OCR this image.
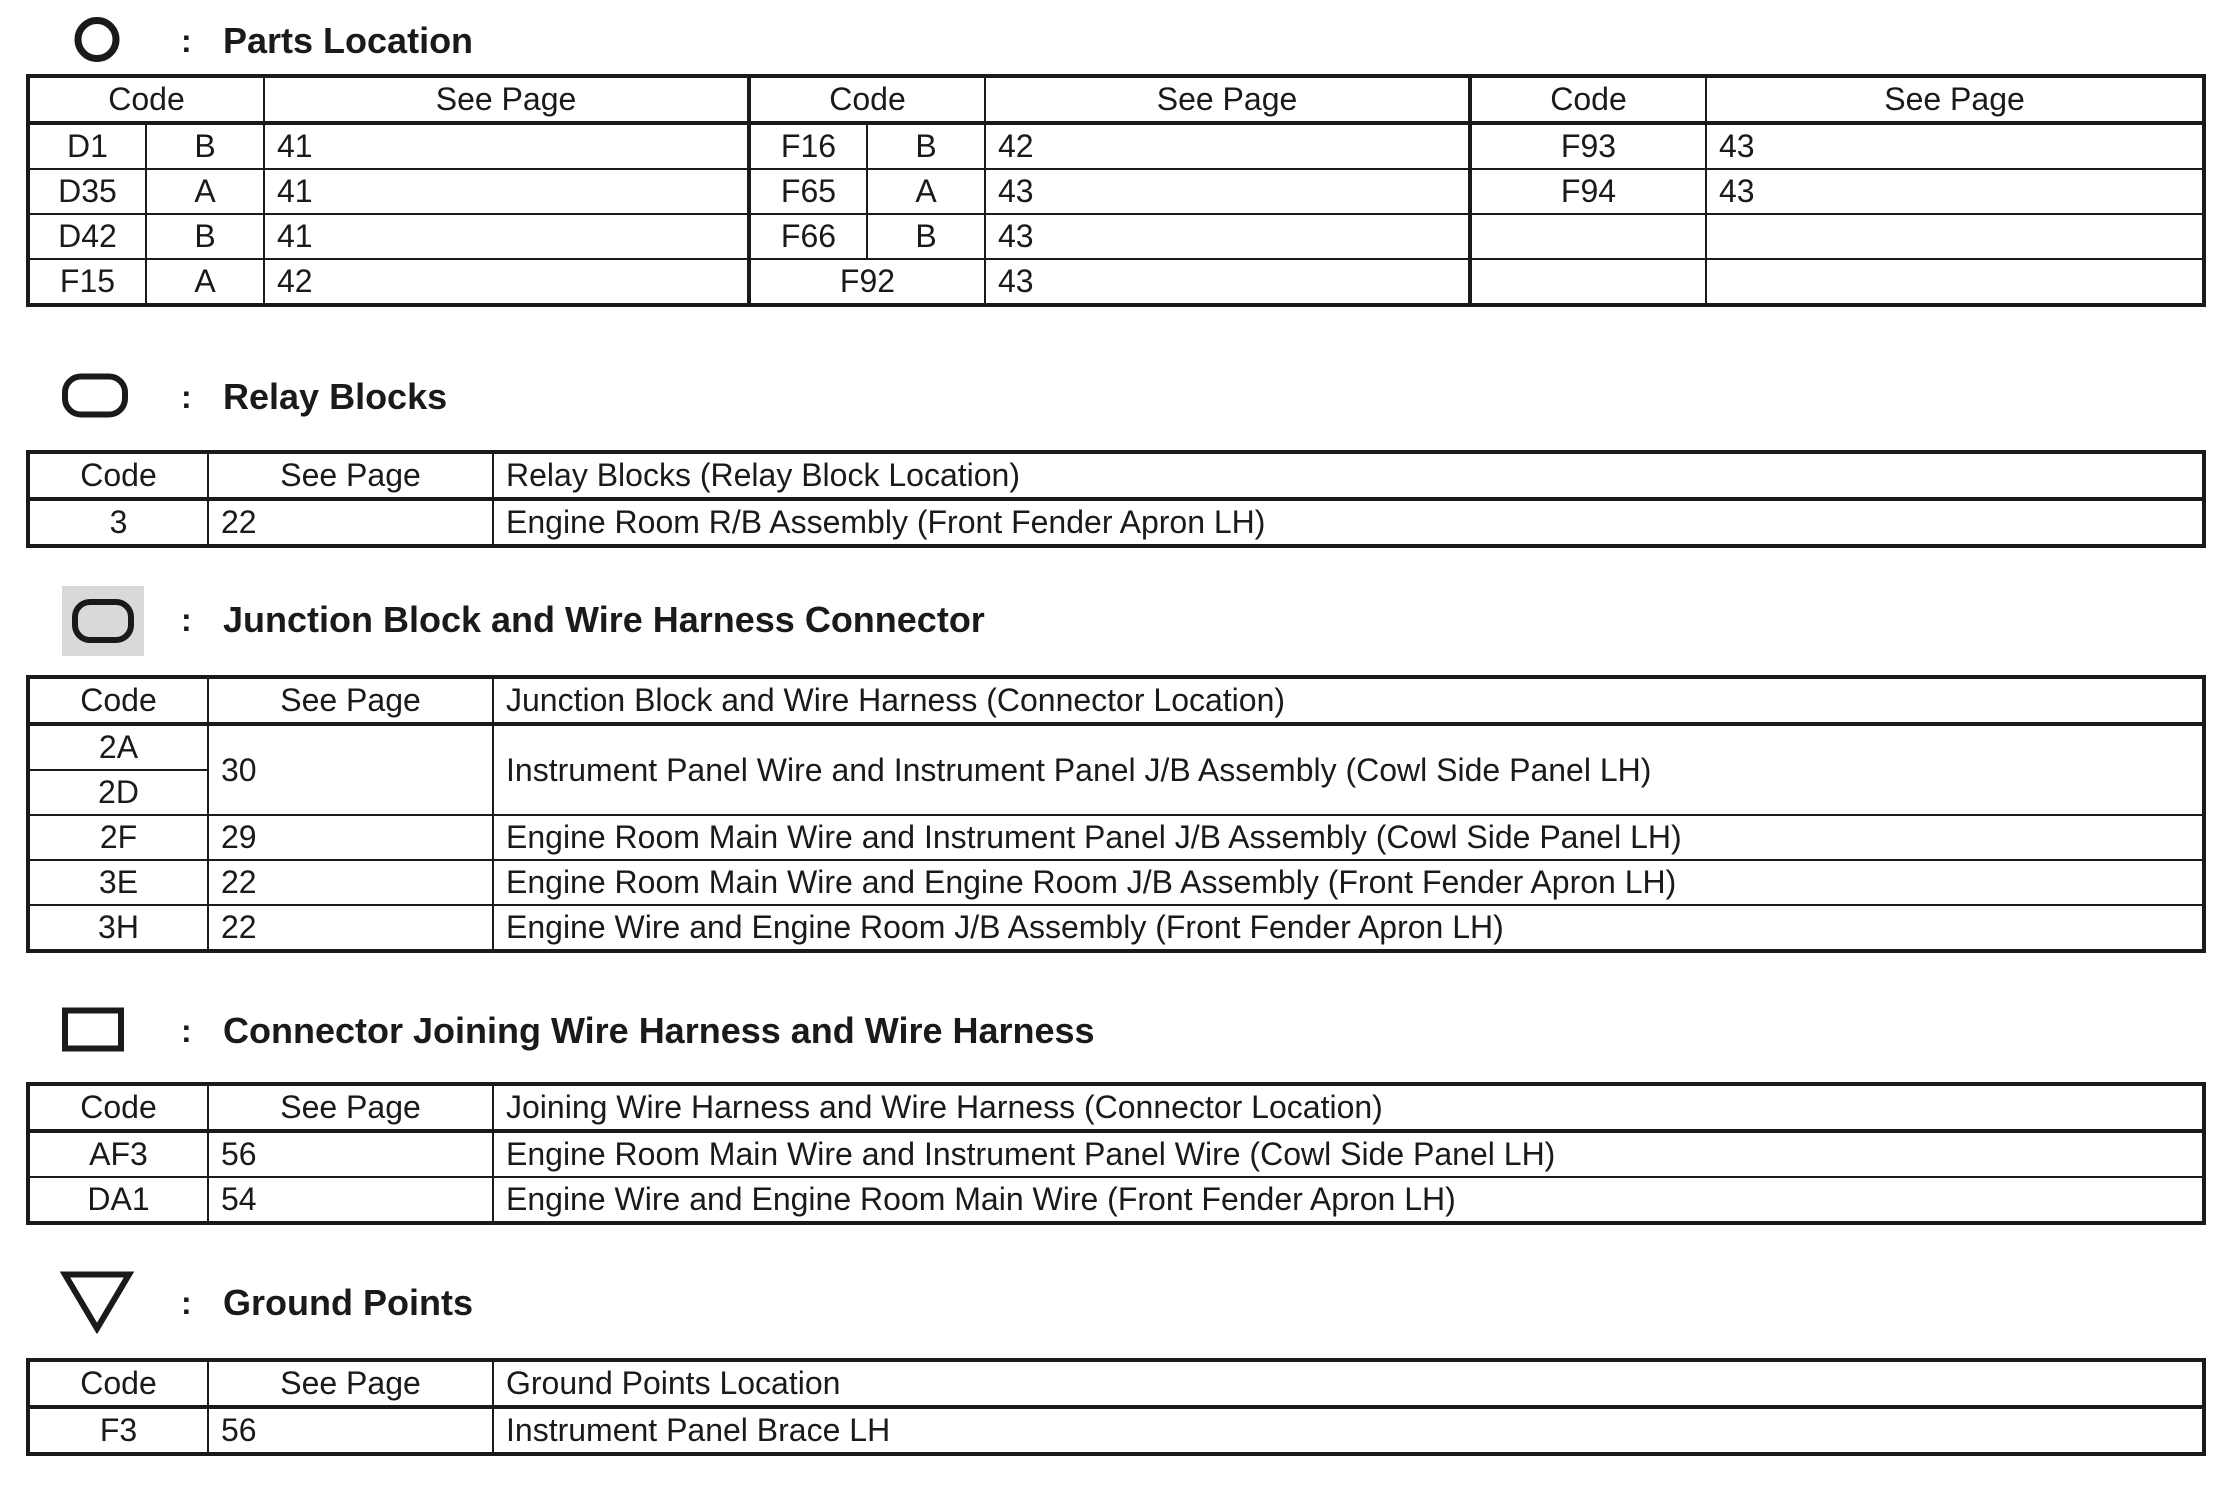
: Parts Location
Code		See Page	Code		See Page	Code	See Page
D1	B	41	F16	B	42	F93	43
D35	A	41	F65	A	43	F94	43
D42	B	41	F66	B	43		
F15	A	42	F92		43		
: Relay Blocks
Code	See Page	Relay Blocks (Relay Block Location)
3	22	Engine Room R/B Assembly (Front Fender Apron LH)
: Junction Block and Wire Harness Connector
Code	See Page	Junction Block and Wire Harness (Connector Location)
2A	30	Instrument Panel Wire and Instrument Panel J/B Assembly (Cowl Side Panel LH)
2D		
2F	29	Engine Room Main Wire and Instrument Panel J/B Assembly (Cowl Side Panel LH)
3E	22	Engine Room Main Wire and Engine Room J/B Assembly (Front Fender Apron LH)
3H	22	Engine Wire and Engine Room J/B Assembly (Front Fender Apron LH)
: Connector Joining Wire Harness and Wire Harness
Code	See Page	Joining Wire Harness and Wire Harness (Connector Location)
AF3	56	Engine Room Main Wire and Instrument Panel Wire (Cowl Side Panel LH)
DA1	54	Engine Wire and Engine Room Main Wire (Front Fender Apron LH)
: Ground Points
Code	See Page	Ground Points Location
F3	56	Instrument Panel Brace LH
